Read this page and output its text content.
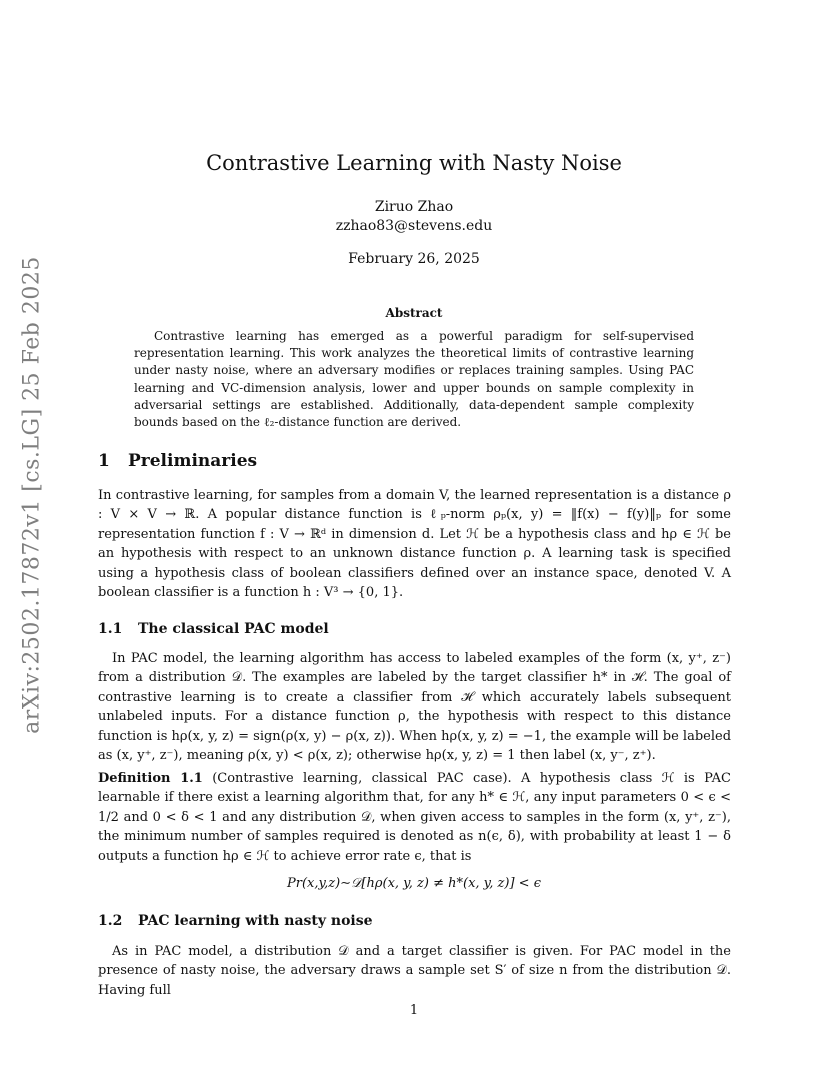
arXiv:2502.17872v1 [cs.LG] 25 Feb 2025
Contrastive Learning with Nasty Noise
Ziruo Zhao
zzhao83@stevens.edu
February 26, 2025
Abstract

Contrastive learning has emerged as a powerful paradigm for self-supervised representation learning. This work analyzes the theoretical limits of contrastive learning under nasty noise, where an adversary modifies or replaces training samples. Using PAC learning and VC-dimension analysis, lower and upper bounds on sample complexity in adversarial settings are established. Additionally, data-dependent sample complexity bounds based on the ℓ₂-distance function are derived.

1 Preliminaries

In contrastive learning, for samples from a domain V, the learned representation is a distance ρ : V × V → ℝ. A popular distance function is ℓₚ-norm ρₚ(x, y) = ‖f(x) − f(y)‖ₚ for some representation function f : V → ℝᵈ in dimension d. Let ℋ be a hypothesis class and hρ ∈ ℋ be an hypothesis with respect to an unknown distance function ρ. A learning task is specified using a hypothesis class of boolean classifiers defined over an instance space, denoted V. A boolean classifier is a function h : V³ → {0, 1}.

1.1 The classical PAC model

In PAC model, the learning algorithm has access to labeled examples of the form (x, y⁺, z⁻) from a distribution 𝒟. The examples are labeled by the target classifier h* in ℋ. The goal of contrastive learning is to create a classifier from ℋ which accurately labels subsequent unlabeled inputs. For a distance function ρ, the hypothesis with respect to this distance function is hρ(x, y, z) = sign(ρ(x, y) − ρ(x, z)). When hρ(x, y, z) = −1, the example will be labeled as (x, y⁺, z⁻), meaning ρ(x, y) < ρ(x, z); otherwise hρ(x, y, z) = 1 then label (x, y⁻, z⁺).

Definition 1.1 (Contrastive learning, classical PAC case). A hypothesis class ℋ is PAC learnable if there exist a learning algorithm that, for any h* ∈ ℋ, any input parameters 0 < ϵ < 1/2 and 0 < δ < 1 and any distribution 𝒟, when given access to samples in the form (x, y⁺, z⁻), the minimum number of samples required is denoted as n(ϵ, δ), with probability at least 1 − δ outputs a function hρ ∈ ℋ to achieve error rate ϵ, that is

Pr(x,y,z)∼𝒟[hρ(x, y, z) ≠ h*(x, y, z)] < ϵ
1.2 PAC learning with nasty noise

As in PAC model, a distribution 𝒟 and a target classifier is given. For PAC model in the presence of nasty noise, the adversary draws a sample set S′ of size n from the distribution 𝒟. Having full

1
